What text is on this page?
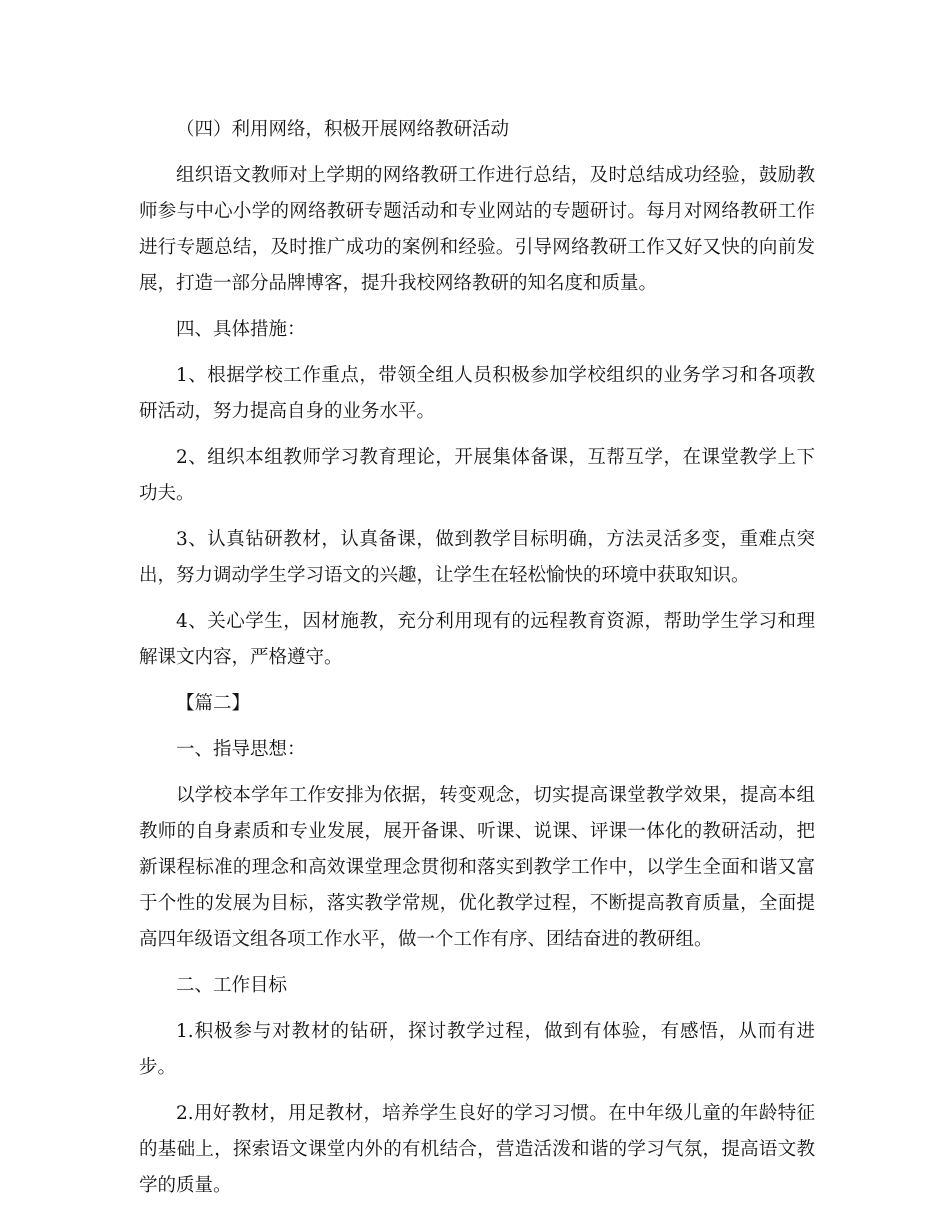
（四）利用网络，积极开展网络教研活动

组织语文教师对上学期的网络教研工作进行总结，及时总结成功经验，鼓励教师参与中心小学的网络教研专题活动和专业网站的专题研讨。每月对网络教研工作进行专题总结，及时推广成功的案例和经验。引导网络教研工作又好又快的向前发展，打造一部分品牌博客，提升我校网络教研的知名度和质量。

四、具体措施：

1、根据学校工作重点，带领全组人员积极参加学校组织的业务学习和各项教研活动，努力提高自身的业务水平。

2、组织本组教师学习教育理论，开展集体备课，互帮互学，在课堂教学上下功夫。

3、认真钻研教材，认真备课，做到教学目标明确，方法灵活多变，重难点突出，努力调动学生学习语文的兴趣，让学生在轻松愉快的环境中获取知识。

4、关心学生，因材施教，充分利用现有的远程教育资源，帮助学生学习和理解课文内容，严格遵守。

【篇二】

一、指导思想：

以学校本学年工作安排为依据，转变观念，切实提高课堂教学效果，提高本组教师的自身素质和专业发展，展开备课、听课、说课、评课一体化的教研活动，把新课程标准的理念和高效课堂理念贯彻和落实到教学工作中，以学生全面和谐又富于个性的发展为目标，落实教学常规，优化教学过程，不断提高教育质量，全面提高四年级语文组各项工作水平，做一个工作有序、团结奋进的教研组。

二、工作目标

1.积极参与对教材的钻研，探讨教学过程，做到有体验，有感悟，从而有进步。

2.用好教材，用足教材，培养学生良好的学习习惯。在中年级儿童的年龄特征的基础上，探索语文课堂内外的有机结合，营造活泼和谐的学习气氛，提高语文教学的质量。
